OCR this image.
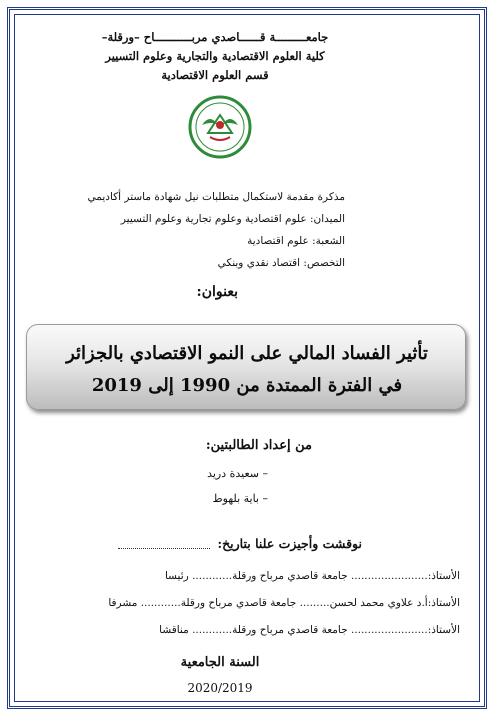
جامعـــــــــة قــــــاصدي مربـــــــــــاح –ورقلة–
كلية العلوم الاقتصادية والتجارية وعلوم التسيير
قسم العلوم الاقتصادية
مذكرة مقدمة لاستكمال متطلبات نيل شهادة ماستر أكاديمي
الميدان: علوم اقتصادية وعلوم تجارية وعلوم التسيير
الشعبة: علوم اقتصادية
التخصص: اقتصاد نقدي وبنكي
بعنوان:
تأثير الفساد المالي على النمو الاقتصادي بالجزائر
في الفترة الممتدة من 1990 إلى 2019
من إعداد الطالبتين:
– سعيدة دريد
– باية بلهوط
نوقشت وأجيزت علنا بتاريخ:
الأستاذ:....................... جامعة قاصدي مرباح ورقلة............ رئيسا
الأستاذ:أ.د علاوي محمد لحسن......... جامعة قاصدي مرباح ورقلة............ مشرفا
الأستاذ:....................... جامعة قاصدي مرباح ورقلة............ مناقشا
السنة الجامعية
2020/2019
